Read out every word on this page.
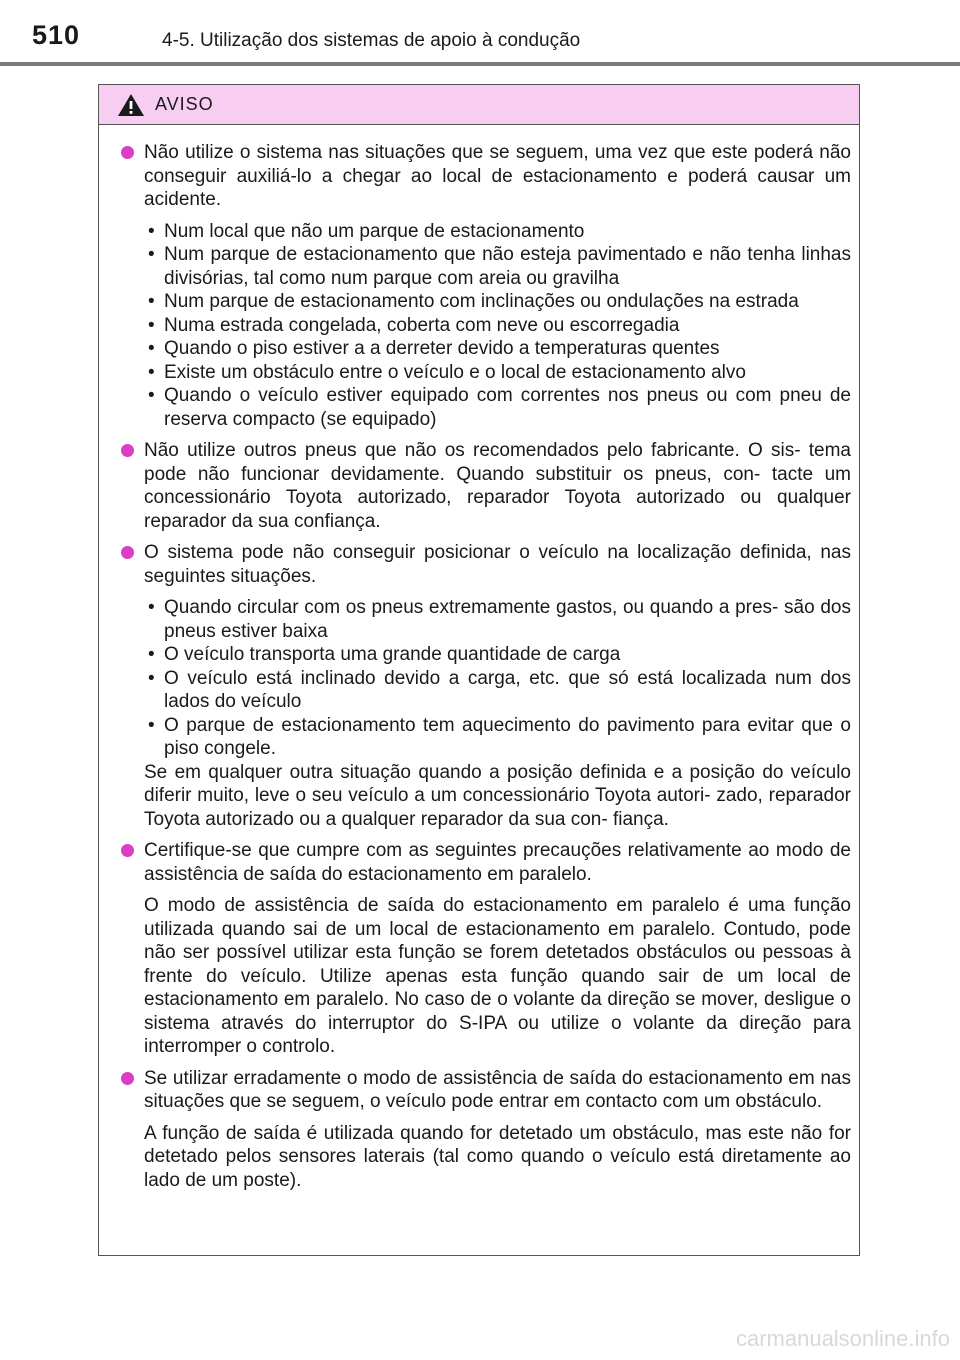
510	4-5. Utilização dos sistemas de apoio à condução
AVISO
Não utilize o sistema nas situações que se seguem, uma vez que este poderá não conseguir auxiliá-lo a chegar ao local de estacionamento e poderá causar um acidente.
• Num local que não um parque de estacionamento
• Num parque de estacionamento que não esteja pavimentado e não tenha linhas divisórias, tal como num parque com areia ou gravilha
• Num parque de estacionamento com inclinações ou ondulações na estrada
• Numa estrada congelada, coberta com neve ou escorregadia
• Quando o piso estiver a a derreter devido a temperaturas quentes
• Existe um obstáculo entre o veículo e o local de estacionamento alvo
• Quando o veículo estiver equipado com correntes nos pneus ou com pneu de reserva compacto (se equipado)
Não utilize outros pneus que não os recomendados pelo fabricante. O sis- tema pode não funcionar devidamente. Quando substituir os pneus, con- tacte um concessionário Toyota autorizado, reparador Toyota autorizado ou qualquer reparador da sua confiança.
O sistema pode não conseguir posicionar o veículo na localização definida, nas seguintes situações.
• Quando circular com os pneus extremamente gastos, ou quando a pres- são dos pneus estiver baixa
• O veículo transporta uma grande quantidade de carga
• O veículo está inclinado devido a carga, etc. que só está localizada num dos lados do veículo
• O parque de estacionamento tem aquecimento do pavimento para evitar que o piso congele.
Se em qualquer outra situação quando a posição definida e a posição do veículo diferir muito, leve o seu veículo a um concessionário Toyota autori- zado, reparador Toyota autorizado ou a qualquer reparador da sua con- fiança.
Certifique-se que cumpre com as seguintes precauções relativamente ao modo de assistência de saída do estacionamento em paralelo.
O modo de assistência de saída do estacionamento em paralelo é uma função utilizada quando sai de um local de estacionamento em paralelo. Contudo, pode não ser possível utilizar esta função se forem detetados obstáculos ou pessoas à frente do veículo. Utilize apenas esta função quando sair de um local de estacionamento em paralelo. No caso de o volante da direção se mover, desligue o sistema através do interruptor do S-IPA ou utilize o volante da direção para interromper o controlo.
Se utilizar erradamente o modo de assistência de saída do estacionamento em nas situações que se seguem, o veículo pode entrar em contacto com um obstáculo.
A função de saída é utilizada quando for detetado um obstáculo, mas este não for detetado pelos sensores laterais (tal como quando o veículo está diretamente ao lado de um poste).
carmanualsonline.info
